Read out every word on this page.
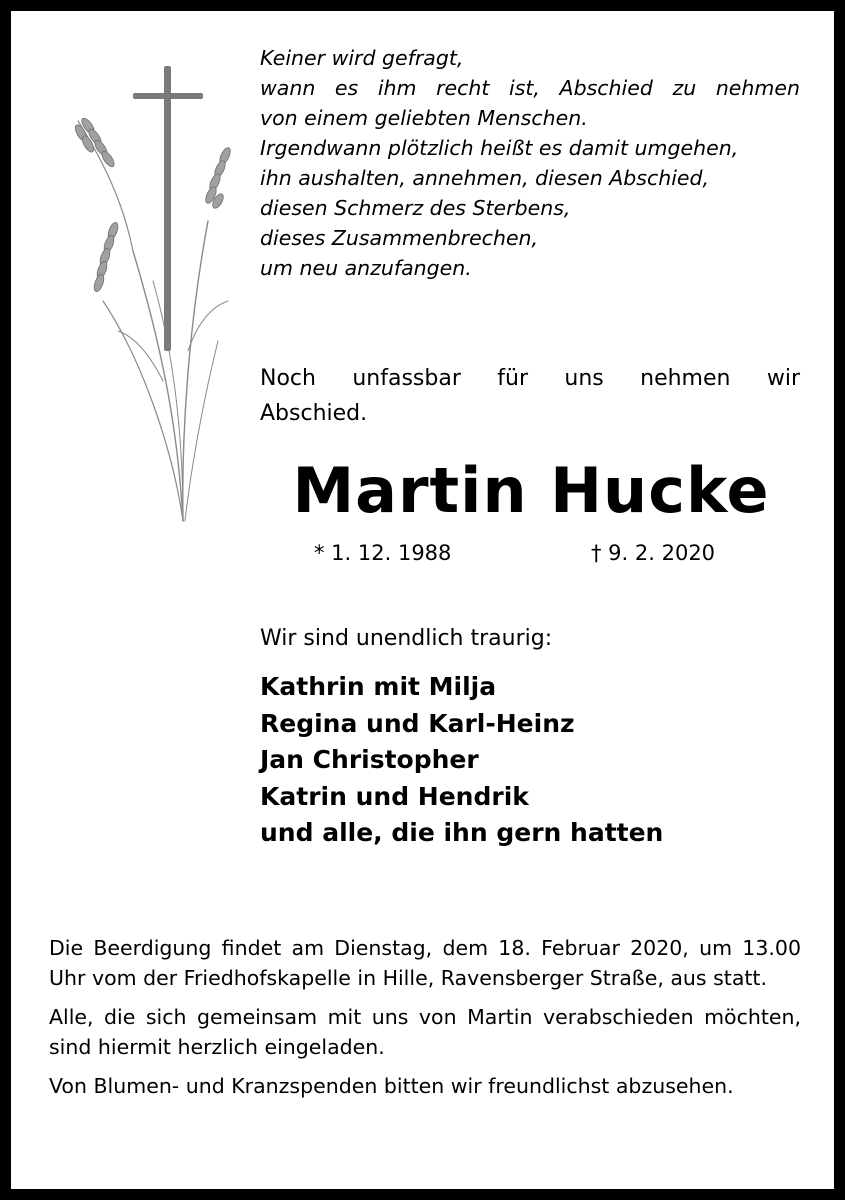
Keiner wird gefragt,
wann es ihm recht ist, Abschied zu nehmen
von einem geliebten Menschen.
Irgendwann plötzlich heißt es damit umgehen,
ihn aushalten, annehmen, diesen Abschied,
diesen Schmerz des Sterbens,
dieses Zusammenbrechen,
um neu anzufangen.
Noch unfassbar für uns nehmen wir
Abschied.
Martin Hucke
* 1. 12. 1988	† 9. 2. 2020
Wir sind unendlich traurig:
Kathrin mit Milja
Regina und Karl-Heinz
Jan Christopher
Katrin und Hendrik
und alle, die ihn gern hatten

Die Beerdigung findet am Dienstag, dem 18. Februar 2020, um 13.00 Uhr vom der Friedhofskapelle in Hille, Ravensberger Straße, aus statt.

Alle, die sich gemeinsam mit uns von Martin verabschieden möchten, sind hiermit herzlich eingeladen.

Von Blumen- und Kranzspenden bitten wir freundlichst abzusehen.
